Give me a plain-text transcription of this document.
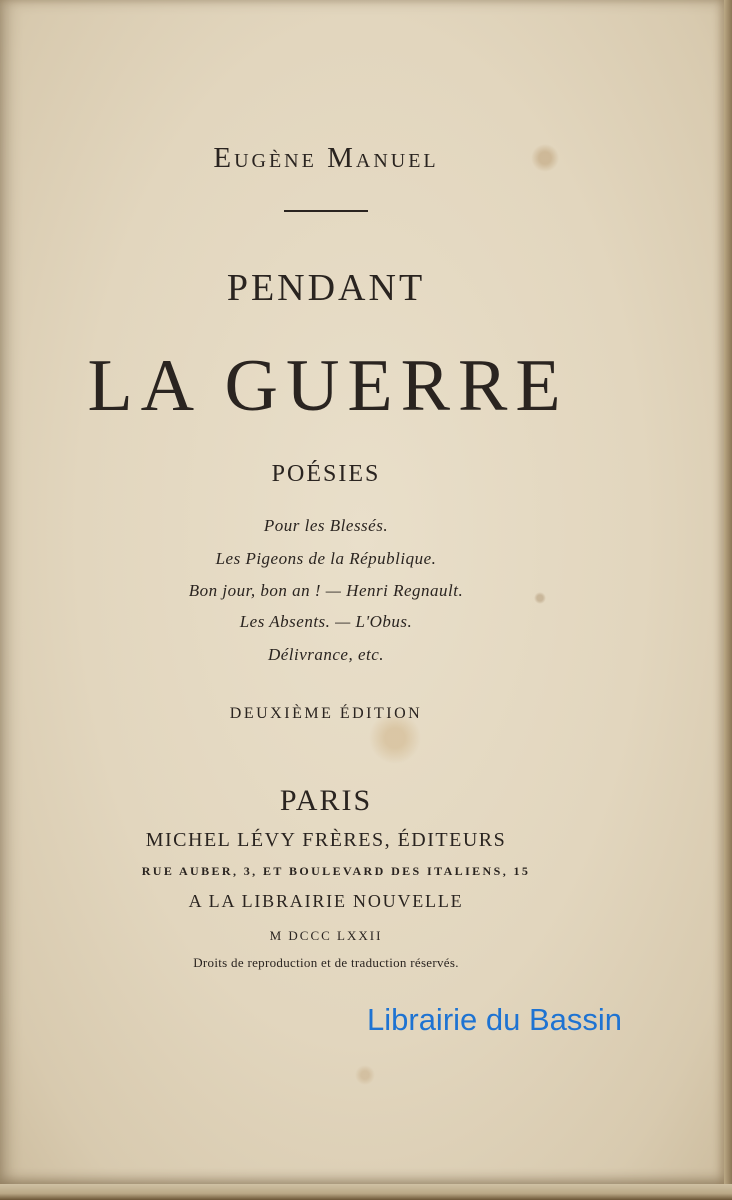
Eugène Manuel
PENDANT
LA GUERRE
POÉSIES
Pour les Blessés.
Les Pigeons de la République.
Bon jour, bon an ! — Henri Regnault.
Les Absents. — L'Obus.
Délivrance, etc.
DEUXIÈME ÉDITION
PARIS
MICHEL LÉVY FRÈRES, ÉDITEURS
RUE AUBER, 3, ET BOULEVARD DES ITALIENS, 15
A LA LIBRAIRIE NOUVELLE
M DCCC LXXII
Droits de reproduction et de traduction réservés.
Librairie du Bassin
